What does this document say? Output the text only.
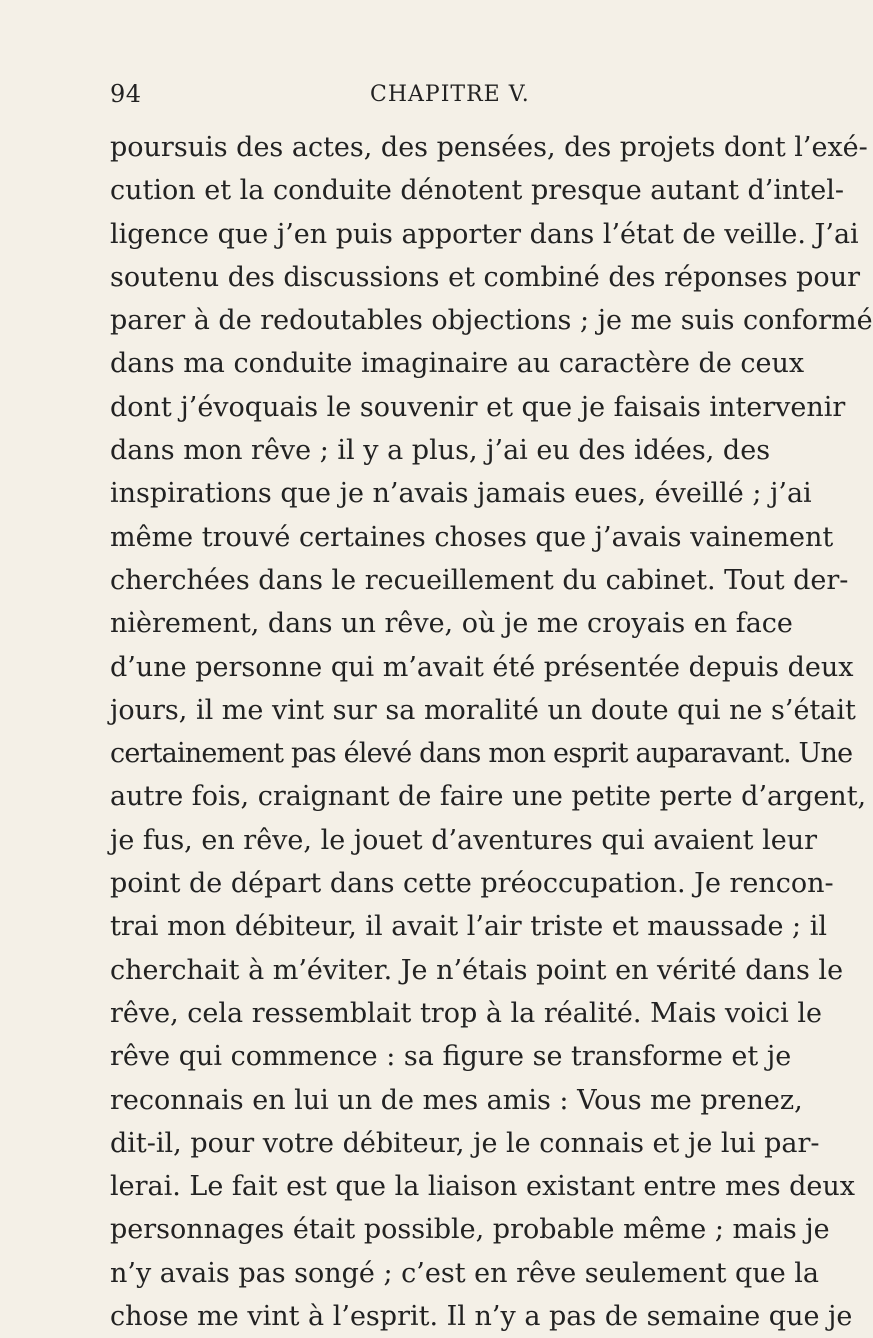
94	CHAPITRE V.
poursuis des actes, des pensées, des projets dont l’exé-
cution et la conduite dénotent presque autant d’intel-
ligence que j’en puis apporter dans l’état de veille. J’ai
soutenu des discussions et combiné des réponses pour
parer à de redoutables objections ; je me suis conformé
dans ma conduite imaginaire au caractère de ceux
dont j’évoquais le souvenir et que je faisais intervenir
dans mon rêve ; il y a plus, j’ai eu des idées, des
inspirations que je n’avais jamais eues, éveillé ; j’ai
même trouvé certaines choses que j’avais vainement
cherchées dans le recueillement du cabinet. Tout der-
nièrement, dans un rêve, où je me croyais en face
d’une personne qui m’avait été présentée depuis deux
jours, il me vint sur sa moralité un doute qui ne s’était
certainement pas élevé dans mon esprit auparavant. Une
autre fois, craignant de faire une petite perte d’argent,
je fus, en rêve, le jouet d’aventures qui avaient leur
point de départ dans cette préoccupation. Je rencon-
trai mon débiteur, il avait l’air triste et maussade ; il
cherchait à m’éviter. Je n’étais point en vérité dans le
rêve, cela ressemblait trop à la réalité. Mais voici le
rêve qui commence : sa figure se transforme et je
reconnais en lui un de mes amis : Vous me prenez,
dit-il, pour votre débiteur, je le connais et je lui par-
lerai. Le fait est que la liaison existant entre mes deux
personnages était possible, probable même ; mais je
n’y avais pas songé ; c’est en rêve seulement que la
chose me vint à l’esprit. Il n’y a pas de semaine que je
